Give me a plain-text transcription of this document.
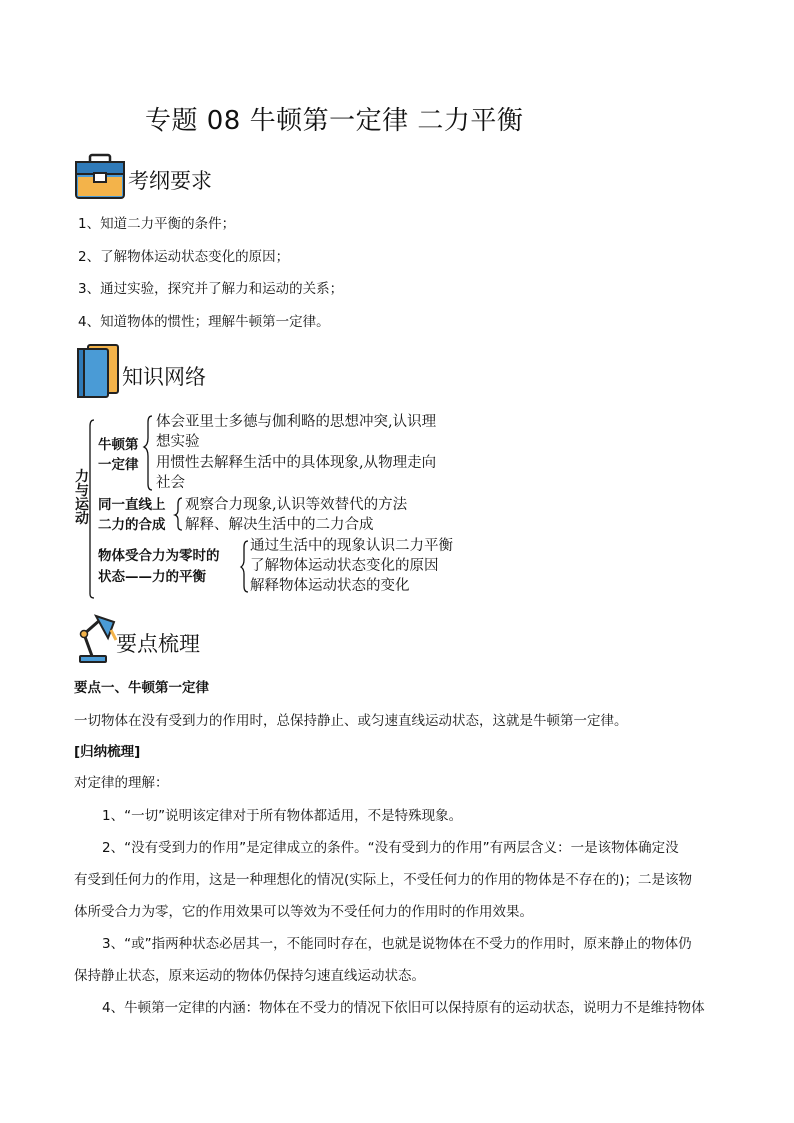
专题 08 牛顿第一定律 二力平衡
考纲要求
1、知道二力平衡的条件；
2、了解物体运动状态变化的原因；
3、通过实验，探究并了解力和运动的关系；
4、知道物体的惯性；理解牛顿第一定律。
知识网络
力与运动
牛顿第
一定律
体会亚里士多德与伽利略的思想冲突,认识理
想实验
用惯性去解释生活中的具体现象,从物理走向
社会
同一直线上
二力的合成
观察合力现象,认识等效替代的方法
解释、解决生活中的二力合成
物体受合力为零时的
状态——力的平衡
通过生活中的现象认识二力平衡
了解物体运动状态变化的原因
解释物体运动状态的变化
要点梳理
要点一、牛顿第一定律
一切物体在没有受到力的作用时，总保持静止、或匀速直线运动状态，这就是牛顿第一定律。
[归纳梳理]
对定律的理解：
1、“一切”说明该定律对于所有物体都适用，不是特殊现象。
2、“没有受到力的作用”是定律成立的条件。“没有受到力的作用”有两层含义：一是该物体确定没
有受到任何力的作用，这是一种理想化的情况(实际上，不受任何力的作用的物体是不存在的)；二是该物
体所受合力为零，它的作用效果可以等效为不受任何力的作用时的作用效果。
3、“或”指两种状态必居其一，不能同时存在，也就是说物体在不受力的作用时，原来静止的物体仍
保持静止状态，原来运动的物体仍保持匀速直线运动状态。
4、牛顿第一定律的内涵：物体在不受力的情况下依旧可以保持原有的运动状态，说明力不是维持物体
